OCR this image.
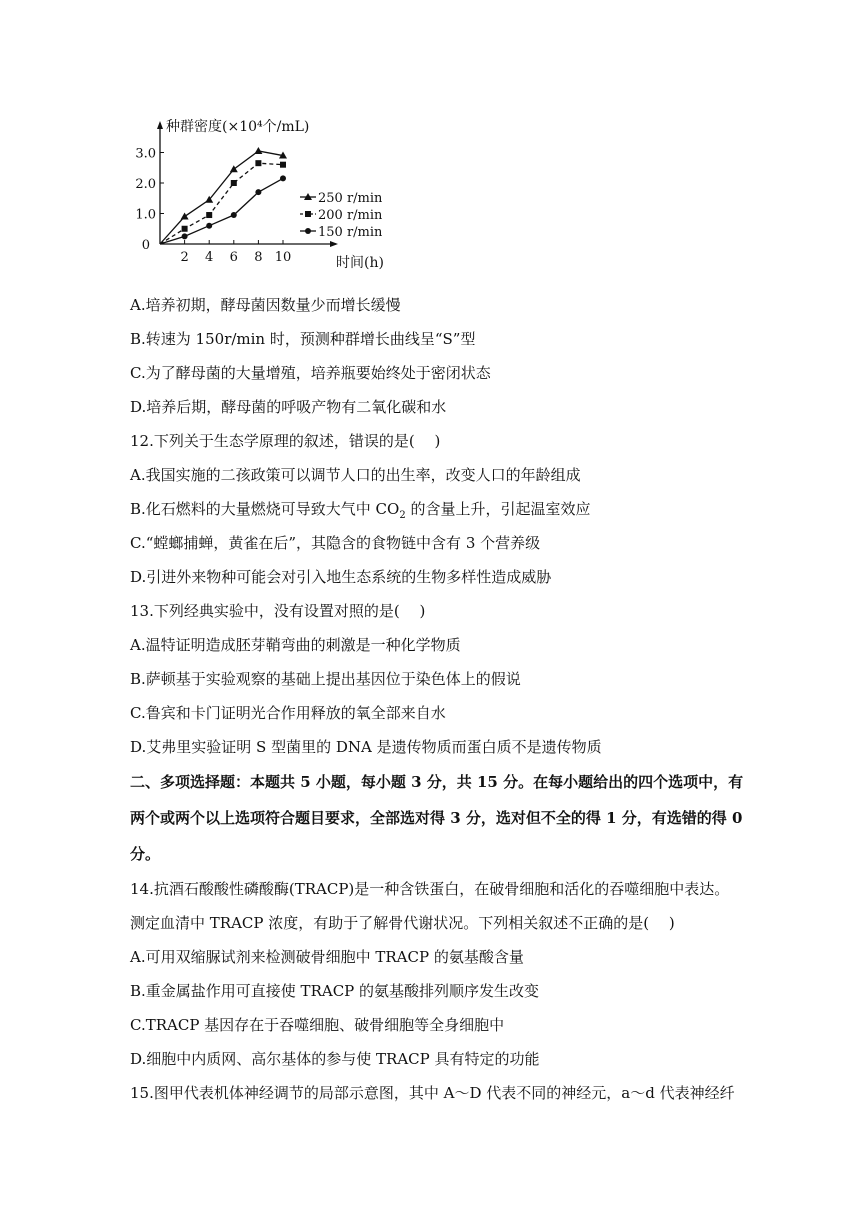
2 4 6 8 10
0
1.0
2.0
3.0
250 r/min
200 r/min
150 r/min
种群密度(×10⁴个/mL)
时间(h)
A.培养初期，酵母菌因数量少而增长缓慢
B.转速为 150r/min 时，预测种群增长曲线呈“S”型
C.为了酵母菌的大量增殖，培养瓶要始终处于密闭状态
D.培养后期，酵母菌的呼吸产物有二氧化碳和水
12.下列关于生态学原理的叙述，错误的是(　 )
A.我国实施的二孩政策可以调节人口的出生率，改变人口的年龄组成
B.化石燃料的大量燃烧可导致大气中 $CO_2$ 的含量上升，引起温室效应
C.“螳螂捕蝉，黄雀在后”，其隐含的食物链中含有 3 个营养级
D.引进外来物种可能会对引入地生态系统的生物多样性造成威胁
13.下列经典实验中，没有设置对照的是(　 )
A.温特证明造成胚芽鞘弯曲的刺激是一种化学物质
B.萨顿基于实验观察的基础上提出基因位于染色体上的假说
C.鲁宾和卡门证明光合作用释放的氧全部来自水
D.艾弗里实验证明 S 型菌里的 DNA 是遗传物质而蛋白质不是遗传物质
二、多项选择题：本题共 5 小题，每小题 3 分，共 15 分。在每小题给出的四个选项中，有
两个或两个以上选项符合题目要求，全部选对得 3 分，选对但不全的得 1 分，有选错的得 0
分。
14.抗酒石酸酸性磷酸酶(TRACP)是一种含铁蛋白，在破骨细胞和活化的吞噬细胞中表达。
测定血清中 TRACP 浓度，有助于了解骨代谢状况。下列相关叙述不正确的是(　 )
A.可用双缩脲试剂来检测破骨细胞中 TRACP 的氨基酸含量
B.重金属盐作用可直接使 TRACP 的氨基酸排列顺序发生改变
C.TRACP 基因存在于吞噬细胞、破骨细胞等全身细胞中
D.细胞中内质网、高尔基体的参与使 TRACP 具有特定的功能
15.图甲代表机体神经调节的局部示意图，其中 A～D 代表不同的神经元，a～d 代表神经纤
